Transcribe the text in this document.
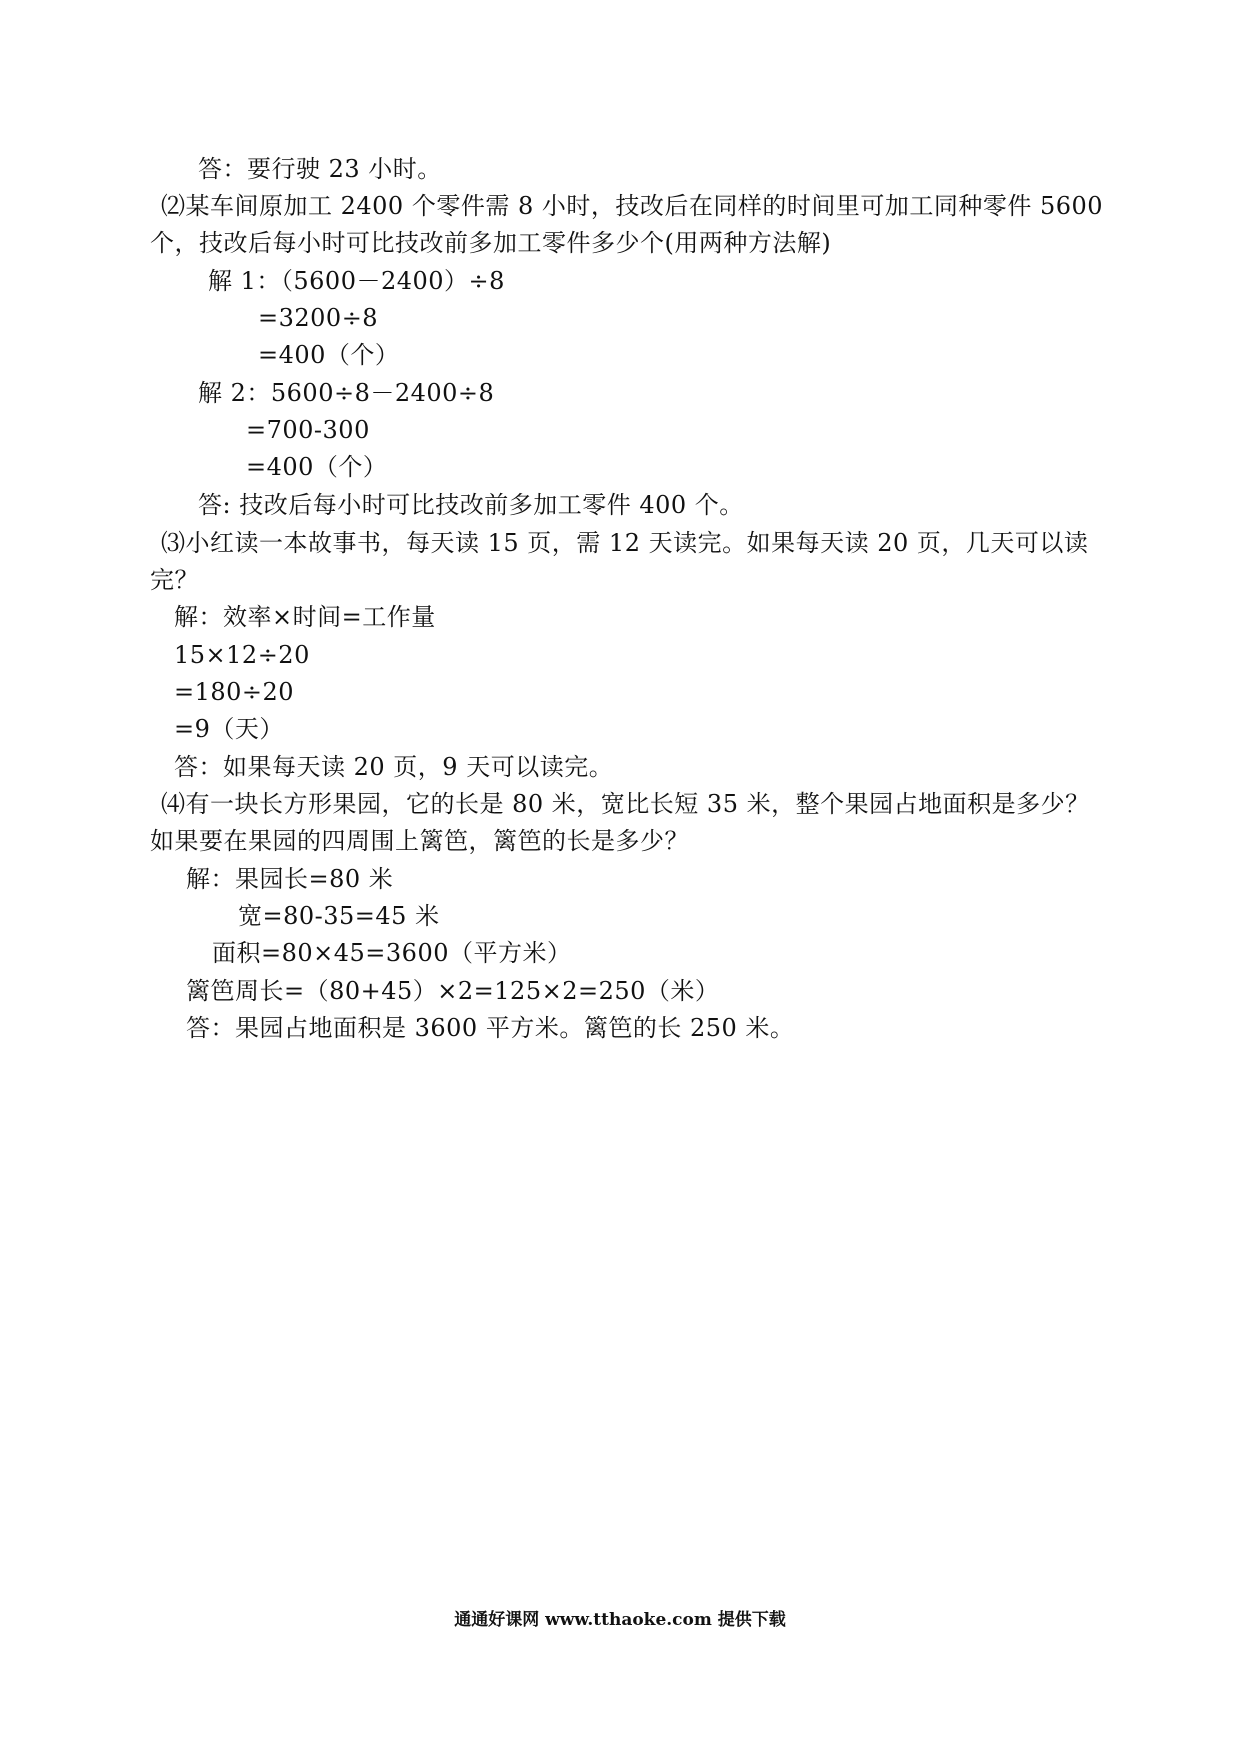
答：要行驶 23 小时。
⑵某车间原加工 2400 个零件需 8 小时，技改后在同样的时间里可加工同种零件 5600
个，技改后每小时可比技改前多加工零件多少个(用两种方法解)
解 1：（5600－2400）÷8
=3200÷8
=400（个）
解 2：5600÷8－2400÷8
=700-300
=400（个）
答: 技改后每小时可比技改前多加工零件 400 个。
⑶小红读一本故事书，每天读 15 页，需 12 天读完。如果每天读 20 页，几天可以读
完？
解：效率×时间=工作量
15×12÷20
=180÷20
=9（天）
答：如果每天读 20 页，9 天可以读完。
⑷有一块长方形果园，它的长是 80 米，宽比长短 35 米，整个果园占地面积是多少？
如果要在果园的四周围上篱笆，篱笆的长是多少？
解：果园长=80 米
宽=80-35=45 米
面积=80×45=3600（平方米）
篱笆周长=（80+45）×2=125×2=250（米）
答：果园占地面积是 3600 平方米。篱笆的长 250 米。
通通好课网 www.tthaoke.com 提供下载
